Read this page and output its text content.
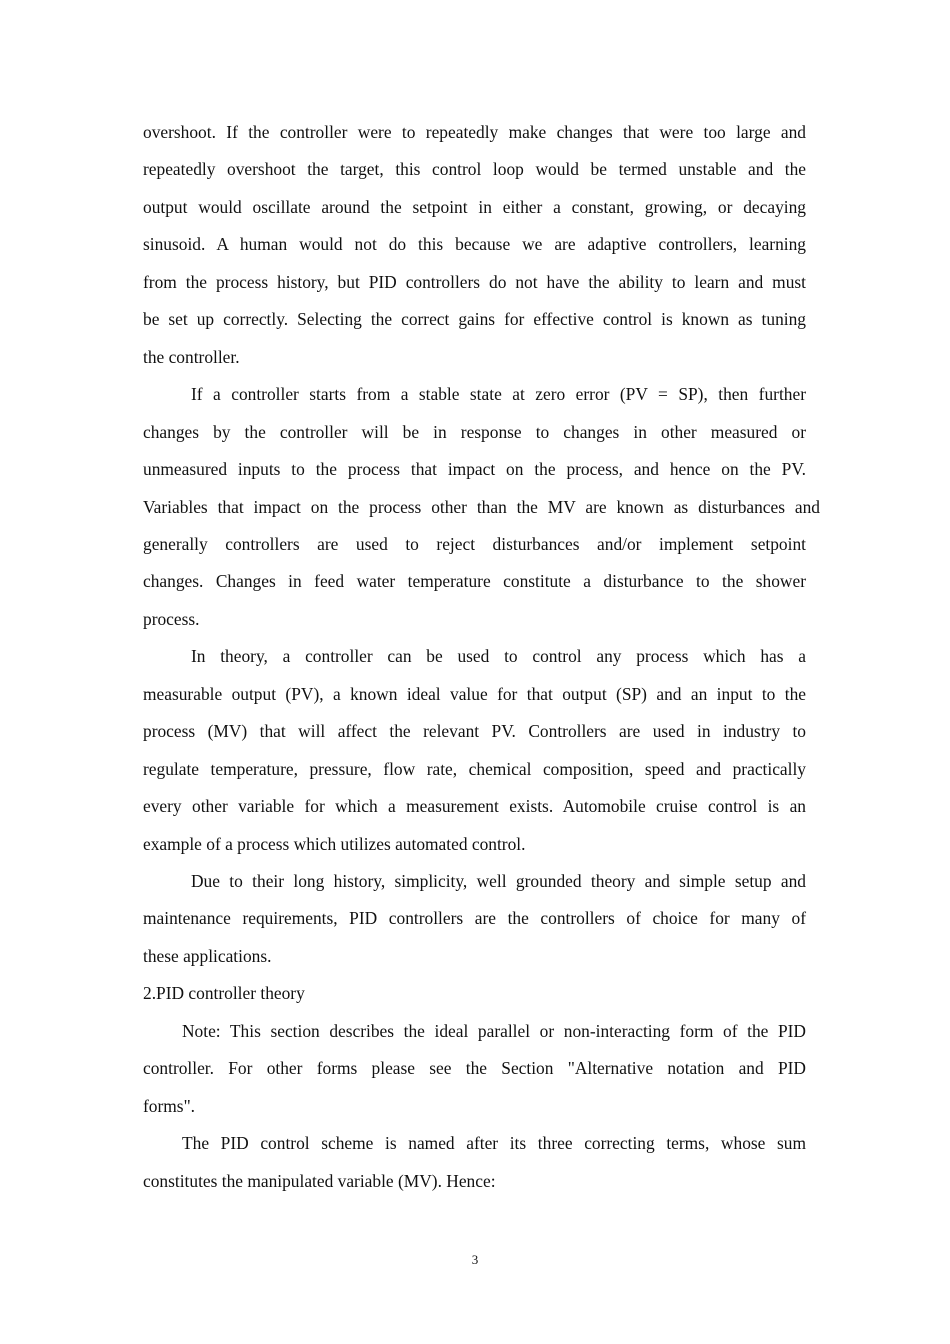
overshoot. If the controller were to repeatedly make changes that were too large and
repeatedly overshoot the target, this control loop would be termed unstable and the
output would oscillate around the setpoint in either a constant, growing, or decaying
sinusoid. A human would not do this because we are adaptive controllers, learning
from the process history, but PID controllers do not have the ability to learn and must
be set up correctly. Selecting the correct gains for effective control is known as tuning
the controller.
If a controller starts from a stable state at zero error (PV = SP), then further
changes by the controller will be in response to changes in other measured or
unmeasured inputs to the process that impact on the process, and hence on the PV.
Variables that impact on the process other than the MV are known as disturbances and
generally controllers are used to reject disturbances and/or implement setpoint
changes. Changes in feed water temperature constitute a disturbance to the shower
process.
In theory, a controller can be used to control any process which has a
measurable output (PV), a known ideal value for that output (SP) and an input to the
process (MV) that will affect the relevant PV. Controllers are used in industry to
regulate temperature, pressure, flow rate, chemical composition, speed and practically
every other variable for which a measurement exists. Automobile cruise control is an
example of a process which utilizes automated control.
Due to their long history, simplicity, well grounded theory and simple setup and
maintenance requirements, PID controllers are the controllers of choice for many of
these applications.
2.PID controller theory
Note: This section describes the ideal parallel or non-interacting form of the PID
controller. For other forms please see the Section "Alternative notation and PID
forms".
The PID control scheme is named after its three correcting terms, whose sum
constitutes the manipulated variable (MV). Hence:
3
